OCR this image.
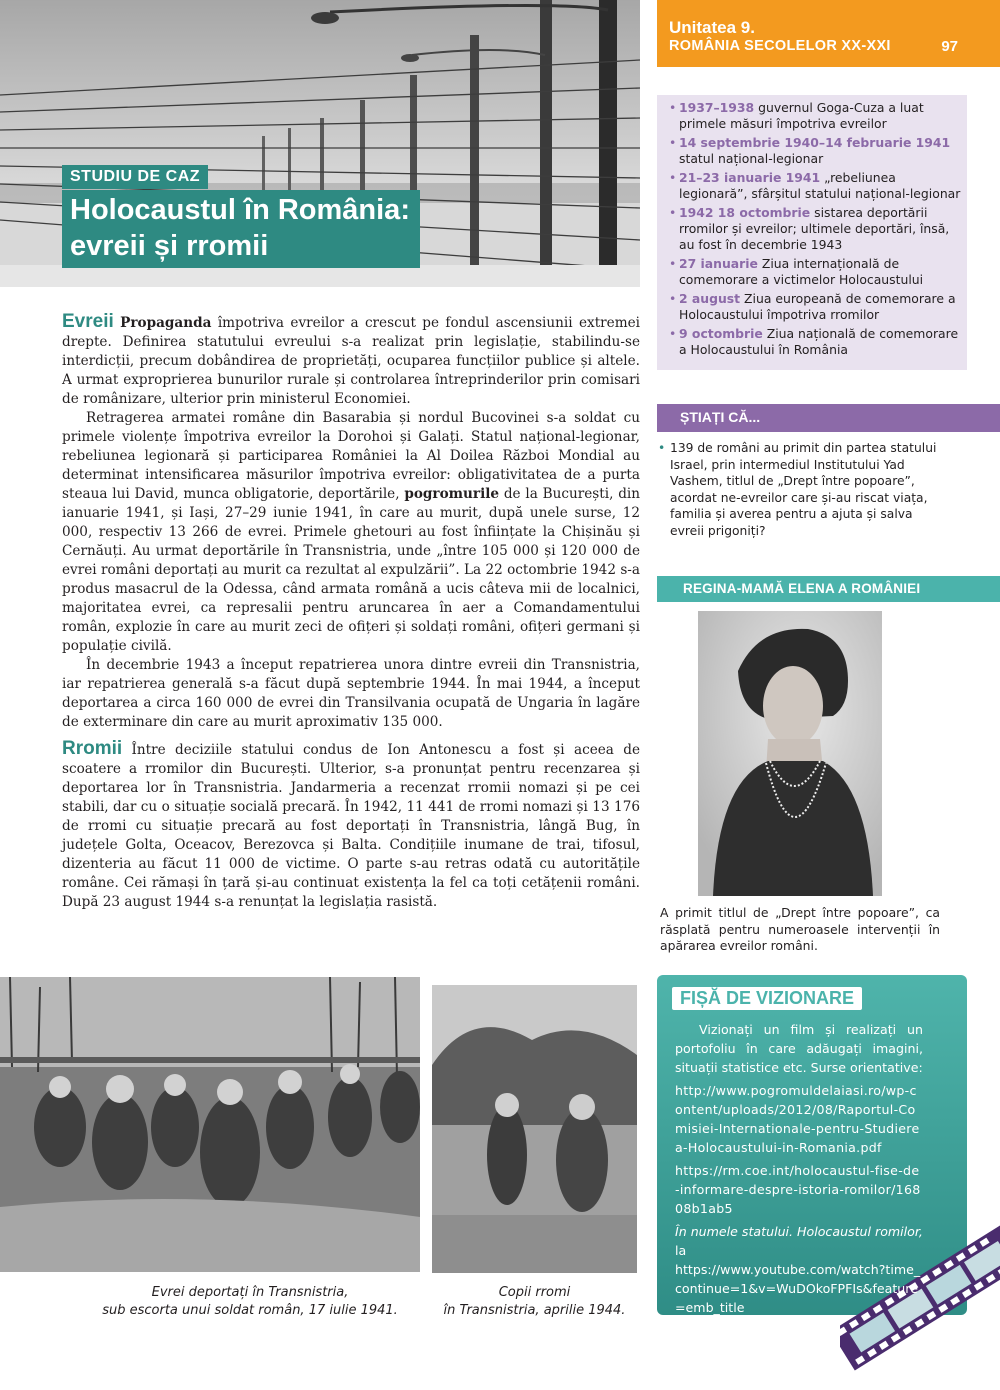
STUDIU DE CAZ
Holocaustul în România:
evreii și rromii
Unitatea 9.
ROMÂNIA SECOLELOR XX-XXI	97
• 1937–1938 guvernul Goga-Cuza a luat primele măsuri împotriva evreilor
• 14 septembrie 1940–14 februarie 1941 statul național-legionar
• 21–23 ianuarie 1941 „rebeliunea legionară”, sfârșitul statului național-legionar
• 1942 18 octombrie sistarea deportării rromilor și evreilor; ultimele deportări, însă, au fost în decembrie 1943
• 27 ianuarie Ziua internațională de comemorare a victimelor Holocaustului
• 2 august Ziua europeană de comemorare a Holocaustului împotriva rromilor
• 9 octombrie Ziua națională de comemorare a Holocaustului în România

Evreii Propaganda împotriva evreilor a crescut pe fondul ascensiunii extremei drepte. Definirea statutului evreului s-a realizat prin legislație, stabilindu-se interdicții, precum dobândirea de proprietăți, ocuparea funcțiilor publice și altele. A urmat exproprierea bunurilor rurale și controlarea întreprinderilor prin comisari de românizare, ulterior prin ministerul Economiei.

Retragerea armatei române din Basarabia și nordul Bucovinei s-a soldat cu primele violențe împotriva evreilor la Dorohoi și Galați. Statul național-legionar, rebeliunea legionară și participarea României la Al Doilea Război Mondial au determinat intensificarea măsurilor împotriva evreilor: obligativitatea de a purta steaua lui David, munca obligatorie, deportările, pogromurile de la București, din ianuarie 1941, și Iași, 27–29 iunie 1941, în care au murit, după unele surse, 12 000, respectiv 13 266 de evrei. Primele ghetouri au fost înființate la Chișinău și Cernăuți. Au urmat deportările în Transnistria, unde „între 105 000 și 120 000 de evrei români deportați au murit ca rezultat al expulzării”. La 22 octombrie 1942 s-a produs masacrul de la Odessa, când armata română a ucis câteva mii de localnici, majoritatea evrei, ca represalii pentru aruncarea în aer a Comandamentului român, explozie în care au murit zeci de ofițeri și soldați români, ofițeri germani și populație civilă.

În decembrie 1943 a început repatrierea unora dintre evreii din Transnistria, iar repatrierea generală s-a făcut după septembrie 1944. În mai 1944, a început deportarea a circa 160 000 de evrei din Transilvania ocupată de Ungaria în lagăre de exterminare din care au murit aproximativ 135 000.

Rromii Între deciziile statului condus de Ion Antonescu a fost și aceea de scoatere a rromilor din București. Ulterior, s-a pronunțat pentru recenzarea și deportarea lor în Transnistria. Jandarmeria a recenzat rromii nomazi și pe cei stabili, dar cu o situație socială precară. În 1942, 11 441 de rromi nomazi și 13 176 de rromi cu situație precară au fost deportați în Transnistria, lângă Bug, în județele Golta, Oceacov, Berezovca și Balta. Condițiile inumane de trai, tifosul, dizenteria au făcut 11 000 de victime. O parte s-au retras odată cu autoritățile române. Cei rămași în țară și-au continuat existența la fel ca toți cetățenii români. După 23 august 1944 s-a renunțat la legislația rasistă.

ȘTIAȚI CĂ...
• 139 de români au primit din partea statului Israel, prin intermediul Institutului Yad Vashem, titlul de „Drept între popoare”, acordat ne-evreilor care și-au riscat viața, familia și averea pentru a ajuta și salva evreii prigoniți?
REGINA-MAMĂ ELENA A ROMÂNIEI
A primit titlul de „Drept între popoare”, ca răsplată pentru numeroasele intervenții în apărarea evreilor români.
FIȘĂ DE VIZIONARE

Vizionați un film și realizați un portofoliu în care adăugați imagini, situații statistice etc. Surse orientative:

http://www.pogromuldelaiasi.ro/wp-content/uploads/2012/08/Raportul-Comisiei-Internationale-pentru-Studierea-Holocaustului-in-Romania.pdf

https://rm.coe.int/holocaustul-fise-de-informare-despre-istoria-romilor/16808b1ab5

În numele statului. Holocaustul romilor, la
https://www.youtube.com/watch?time_continue=1&v=WuDOkoFPFIs&feature=emb_title

Evrei deportați în Transnistria,
sub escorta unui soldat român, 17 iulie 1941.
Copii rromi
în Transnistria, aprilie 1944.
